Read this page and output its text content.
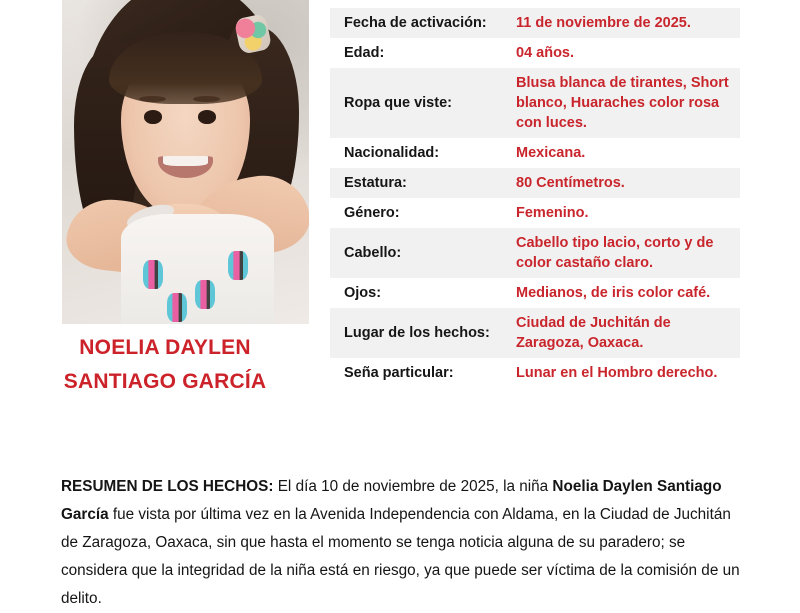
NOELIA DAYLEN
SANTIAGO GARCÍA

Fecha de activación:	11 de noviembre de 2025.
Edad:	04 años.
Ropa que viste:	Blusa blanca de tirantes, Short blanco, Huaraches color rosa con luces.
Nacionalidad:	Mexicana.
Estatura:	80 Centímetros.
Género:	Femenino.
Cabello:	Cabello tipo lacio, corto y de color castaño claro.
Ojos:	Medianos, de iris color café.
Lugar de los hechos:	Ciudad de Juchitán de Zaragoza, Oaxaca.
Seña particular:	Lunar en el Hombro derecho.

RESUMEN DE LOS HECHOS: El día 10 de noviembre de 2025, la niña Noelia Daylen Santiago García fue vista por última vez en la Avenida Independencia con Aldama, en la Ciudad de Juchitán de Zaragoza, Oaxaca, sin que hasta el momento se tenga noticia alguna de su paradero; se considera que la integridad de la niña está en riesgo, ya que puede ser víctima de la comisión de un delito.
